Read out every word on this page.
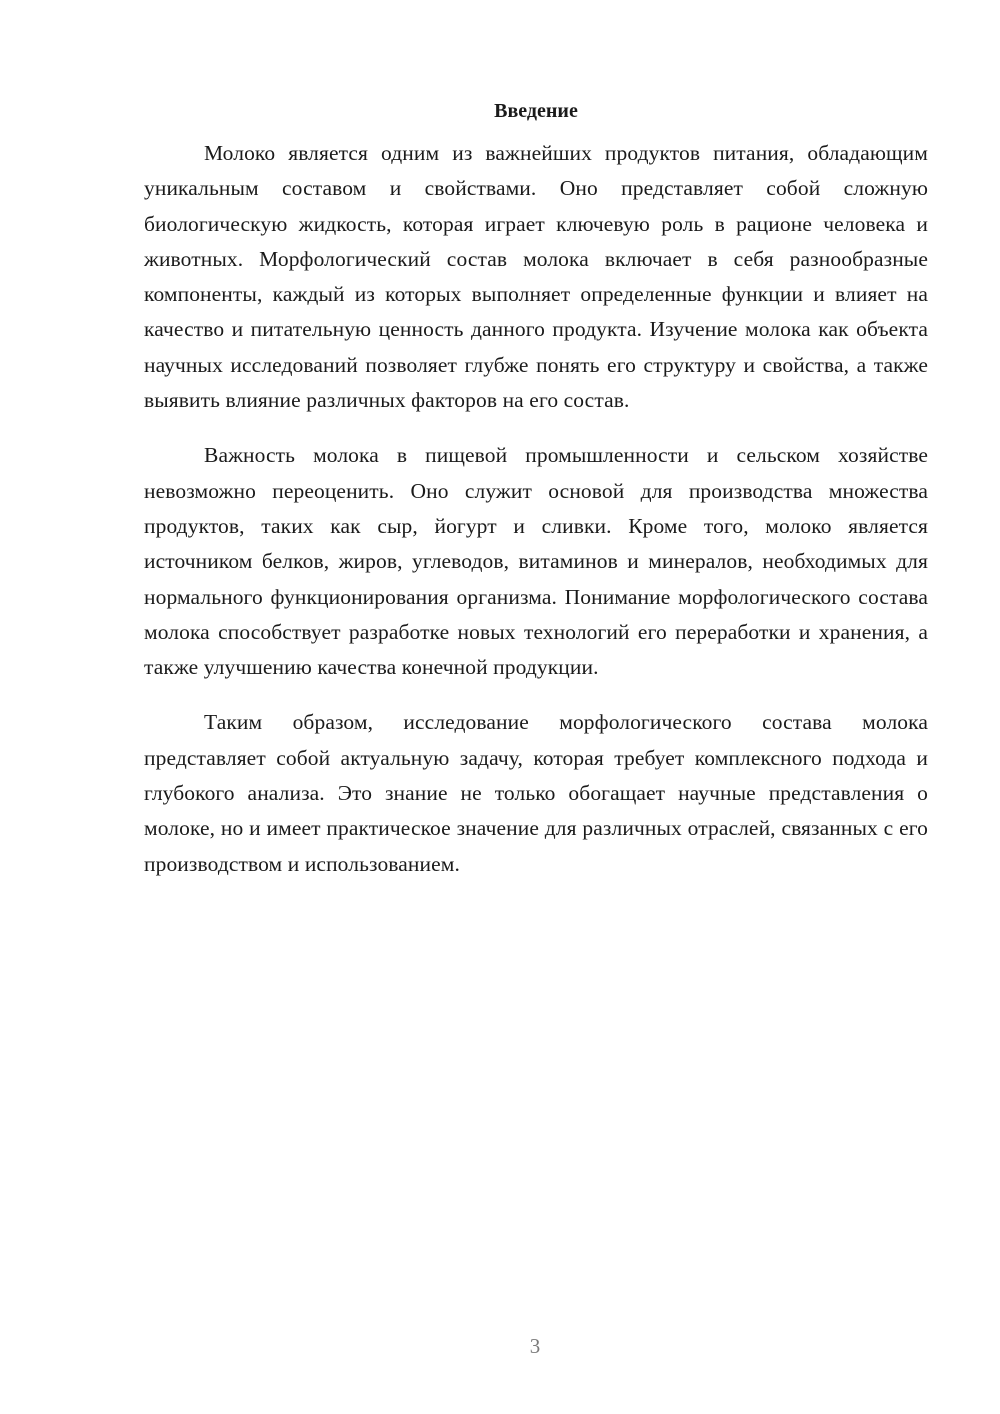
Введение

Молоко является одним из важнейших продуктов питания, обладающим уникальным составом и свойствами. Оно представляет собой сложную биологическую жидкость, которая играет ключевую роль в рационе человека и животных. Морфологический состав молока включает в себя разнообразные компоненты, каждый из которых выполняет определенные функции и влияет на качество и питательную ценность данного продукта. Изучение молока как объекта научных исследований позволяет глубже понять его структуру и свойства, а также выявить влияние различных факторов на его состав.

Важность молока в пищевой промышленности и сельском хозяйстве невозможно переоценить. Оно служит основой для производства множества продуктов, таких как сыр, йогурт и сливки. Кроме того, молоко является источником белков, жиров, углеводов, витаминов и минералов, необходимых для нормального функционирования организма. Понимание морфологического состава молока способствует разработке новых технологий его переработки и хранения, а также улучшению качества конечной продукции.

Таким образом, исследование морфологического состава молока представляет собой актуальную задачу, которая требует комплексного подхода и глубокого анализа. Это знание не только обогащает научные представления о молоке, но и имеет практическое значение для различных отраслей, связанных с его производством и использованием.

3
